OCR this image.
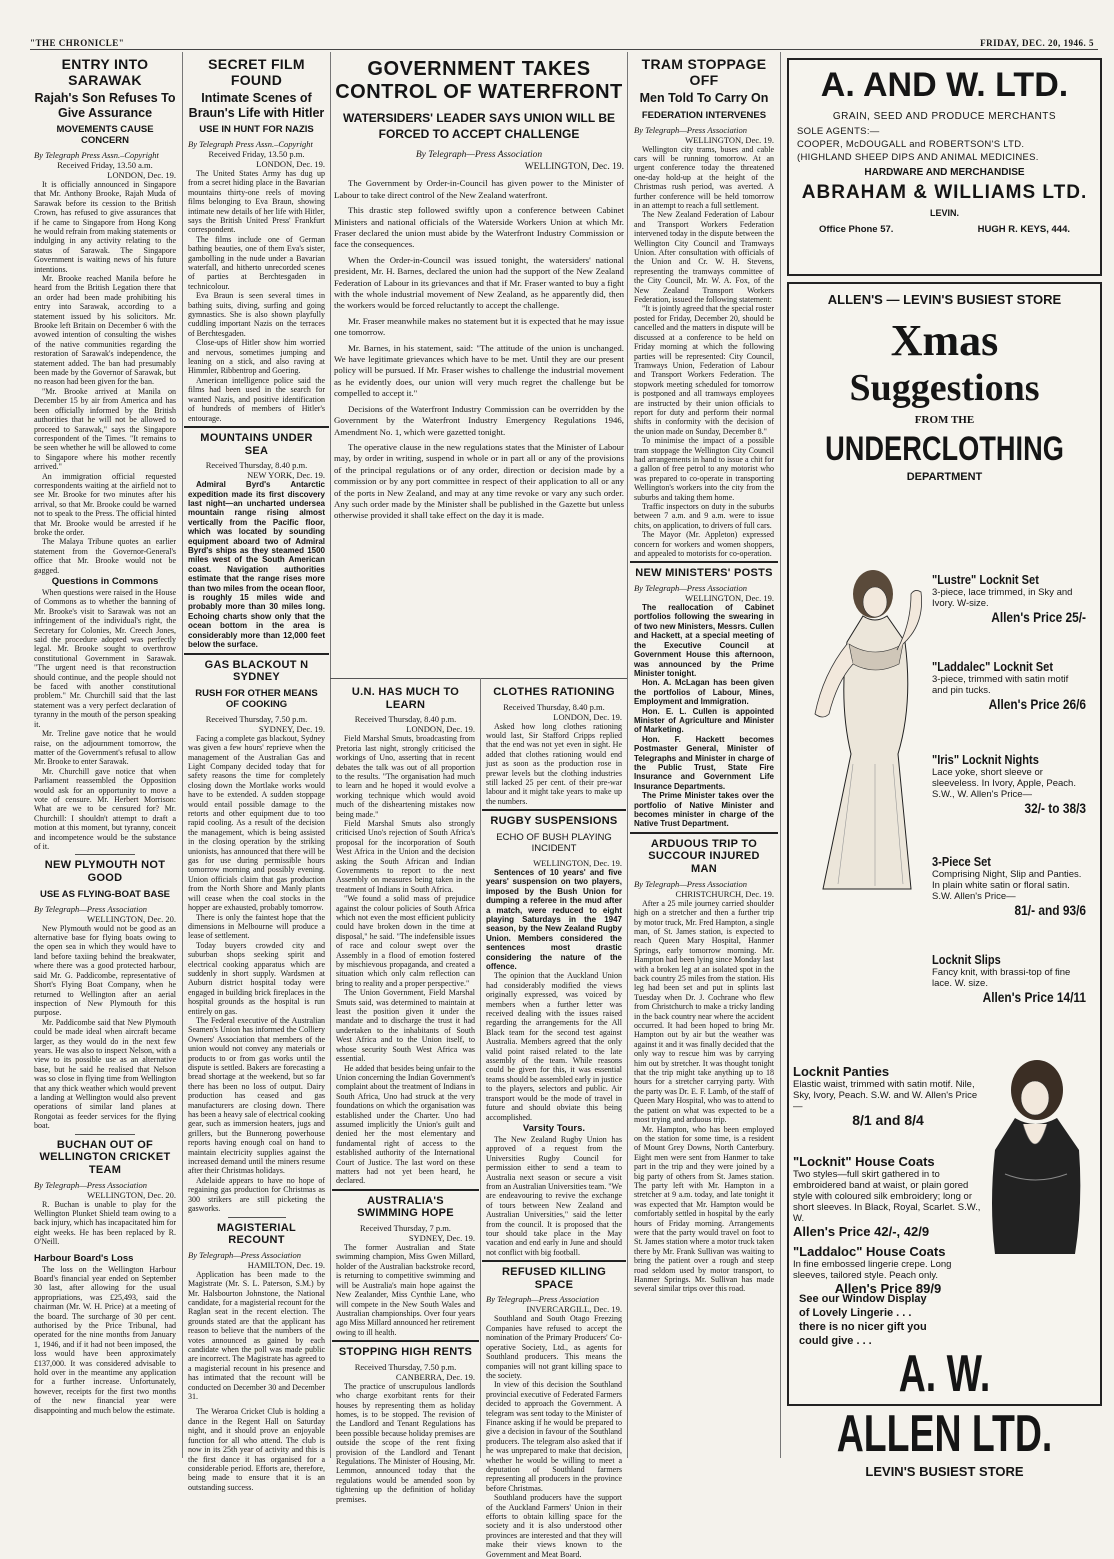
"THE CHRONICLE"	FRIDAY, DEC. 20, 1946. 5
ENTRY INTO SARAWAK
Rajah's Son Refuses To Give Assurance
MOVEMENTS CAUSE CONCERN
By Telegraph Press Assn.–Copyright
Received Friday, 13.50 a.m.
LONDON, Dec. 19.

It is officially announced in Singapore that Mr. Anthony Brooke, Rajah Muda of Sarawak before its cession to the British Crown, has refused to give assurances that if he came to Singapore from Hong Kong he would refrain from making statements or indulging in any activity relating to the status of Sarawak. The Singapore Government is waiting news of his future intentions.

Mr. Brooke reached Manila before he heard from the British Legation there that an order had been made prohibiting his entry into Sarawak, according to a statement issued by his solicitors. Mr. Brooke left Britain on December 6 with the avowed intention of consulting the wishes of the native communities regarding the restoration of Sarawak's independence, the statement added. The ban had presumably been made by the Governor of Sarawak, but no reason had been given for the ban.

"Mr. Brooke arrived at Manila on December 15 by air from America and has been officially informed by the British authorities that he will not be allowed to proceed to Sarawak," says the Singapore correspondent of the Times. "It remains to be seen whether he will be allowed to come to Singapore where his mother recently arrived."

An immigration official requested correspondents waiting at the airfield not to see Mr. Brooke for two minutes after his arrival, so that Mr. Brooke could be warned not to speak to the Press. The official hinted that Mr. Brooke would be arrested if he broke the order.

The Malaya Tribune quotes an earlier statement from the Governor-General's office that Mr. Brooke would not be gagged.

Questions in Commons

When questions were raised in the House of Commons as to whether the banning of Mr. Brooke's visit to Sarawak was not an infringement of the individual's right, the Secretary for Colonies, Mr. Creech Jones, said the procedure adopted was perfectly legal. Mr. Brooke sought to overthrow constitutional Government in Sarawak. "The urgent need is that reconstruction should continue, and the people should not be faced with another constitutional problem." Mr. Churchill said that the last statement was a very perfect declaration of tyranny in the mouth of the person speaking it.

Mr. Treline gave notice that he would raise, on the adjournment tomorrow, the matter of the Government's refusal to allow Mr. Brooke to enter Sarawak.

Mr. Churchill gave notice that when Parliament reassembled the Opposition would ask for an opportunity to move a vote of censure. Mr. Herbert Morrison: What are we to be censured for? Mr. Churchill: I shouldn't attempt to draft a motion at this moment, but tyranny, conceit and incompetence would be the substance of it.

NEW PLYMOUTH NOT GOOD
USE AS FLYING-BOAT BASE
By Telegraph—Press Association
WELLINGTON, Dec. 20.

New Plymouth would not be good as an alternative base for flying boats owing to the open sea in which they would have to land before taxiing behind the breakwater, where there was a good protected harbour, said Mr. G. Paddicombe, representative of Short's Flying Boat Company, when he returned to Wellington after an aerial inspection of New Plymouth for this purpose.

Mr. Paddicombe said that New Plymouth could be made ideal when aircraft became larger, as they would do in the next few years. He was also to inspect Nelson, with a view to its possible use as an alternative base, but he said he realised that Nelson was so close in flying time from Wellington that any thick weather which would prevent a landing at Wellington would also prevent operations of similar land planes at Rongotai as feeder services for the flying boat.

BUCHAN OUT OF WELLINGTON CRICKET TEAM
By Telegraph—Press Association
WELLINGTON, Dec. 20.

R. Buchan is unable to play for the Wellington Plunket Shield team owing to a back injury, which has incapacitated him for eight weeks. He has been replaced by R. O'Neill.

Harbour Board's Loss

The loss on the Wellington Harbour Board's financial year ended on September 30 last, after allowing for the usual appropriations, was £25,493, said the chairman (Mr. W. H. Price) at a meeting of the board. The surcharge of 30 per cent. authorised by the Price Tribunal, had operated for the nine months from January 1, 1946, and if it had not been imposed, the loss would have been approximately £137,000. It was considered advisable to hold over in the meantime any application for a further increase. Unfortunately, however, receipts for the first two months of the new financial year were disappointing and much below the estimate.

SECRET FILM FOUND
Intimate Scenes of Braun's Life with Hitler
USE IN HUNT FOR NAZIS
By Telegraph Press Assn.–Copyright
Received Friday, 13.50 p.m.
LONDON, Dec. 19.

The United States Army has dug up from a secret hiding place in the Bavarian mountains thirty-one reels of moving films belonging to Eva Braun, showing intimate new details of her life with Hitler, says the British United Press' Frankfurt correspondent.

The films include one of German bathing beauties, one of them Eva's sister, gambolling in the nude under a Bavarian waterfall, and hitherto unrecorded scenes of parties at Berchtesgaden in technicolour.

Eva Braun is seen several times in bathing suits, diving, surfing and going gymnastics. She is also shown playfully cuddling important Nazis on the terraces of Berchtesgaden.

Close-ups of Hitler show him worried and nervous, sometimes jumping and leaning on a stick, and also raving at Himmler, Ribbentrop and Goering.

American intelligence police said the films had been used in the search for wanted Nazis, and positive identification of hundreds of members of Hitler's entourage.

MOUNTAINS UNDER SEA
Received Thursday, 8.40 p.m.
NEW YORK, Dec. 19.

Admiral Byrd's Antarctic expedition made its first discovery last night—an uncharted undersea mountain range rising almost vertically from the Pacific floor, which was located by sounding equipment aboard two of Admiral Byrd's ships as they steamed 1500 miles west of the South American coast. Navigation authorities estimate that the range rises more than two miles from the ocean floor, is roughly 15 miles wide and probably more than 30 miles long. Echoing charts show only that the ocean bottom in the area is considerably more than 12,000 feet below the surface.

GAS BLACKOUT N SYDNEY
RUSH FOR OTHER MEANS OF COOKING
Received Thursday, 7.50 p.m.
SYDNEY, Dec. 19.

Facing a complete gas blackout, Sydney was given a few hours' reprieve when the management of the Australian Gas and Light Company decided today that for safety reasons the time for completely closing down the Mortlake works would have to be extended. A sudden stoppage would entail possible damage to the retorts and other equipment due to too rapid cooling. As a result of the decision the management, which is being assisted in the closing operation by the striking unionists, has announced that there will be gas for use during permissible hours tomorrow morning and possibly evening. Union officials claim that gas production from the North Shore and Manly plants will cease when the coal stocks in the hopper are exhausted, probably tomorrow.

There is only the faintest hope that the dimensions in Melbourne will produce a lease of settlement.

Today buyers crowded city and suburban shops seeking spirit and electrical cooking apparatus which are suddenly in short supply. Wardsmen at Auburn district hospital today were engaged in building brick fireplaces in the hospital grounds as the hospital is run entirely on gas.

The Federal executive of the Australian Seamen's Union has informed the Colliery Owners' Association that members of the union would not convey any materials or products to or from gas works until the dispute is settled. Bakers are forecasting a bread shortage at the weekend, but so far there has been no loss of output. Dairy production has ceased and gas manufacturers are closing down. There has been a heavy sale of electrical cooking gear, such as immersion heaters, jugs and grillers, but the Bunnerong powerhouse reports having enough coal on hand to maintain electricity supplies against the increased demand until the miners resume after their Christmas holidays.

Adelaide appears to have no hope of regaining gas production for Christmas as 300 strikers are still picketing the gasworks.

MAGISTERIAL RECOUNT
By Telegraph—Press Association
HAMILTON, Dec. 19.

Application has been made to the Magistrate (Mr. S. L. Paterson, S.M.) by Mr. Halsbourton Johnstone, the National candidate, for a magisterial recount for the Raglan seat in the recent election. The grounds stated are that the applicant has reason to believe that the numbers of the votes announced as gained by each candidate when the poll was made public are incorrect. The Magistrate has agreed to a magisterial recount in his presence and has intimated that the recount will be conducted on December 30 and December 31.

The Weraroa Cricket Club is holding a dance in the Regent Hall on Saturday night, and it should prove an enjoyable function for all who attend. The club is now in its 25th year of activity and this is the first dance it has organised for a considerable period. Efforts are, therefore, being made to ensure that it is an outstanding success.

GOVERNMENT TAKES CONTROL OF WATERFRONT
WATERSIDERS' LEADER SAYS UNION WILL BE FORCED TO ACCEPT CHALLENGE
By Telegraph—Press Association
WELLINGTON, Dec. 19.

The Government by Order-in-Council has given power to the Minister of Labour to take direct control of the New Zealand waterfront.

This drastic step followed swiftly upon a conference between Cabinet Ministers and national officials of the Waterside Workers Union at which Mr. Fraser declared the union must abide by the Waterfront Industry Commission or face the consequences.

When the Order-in-Council was issued tonight, the watersiders' national president, Mr. H. Barnes, declared the union had the support of the New Zealand Federation of Labour in its grievances and that if Mr. Fraser wanted to buy a fight with the whole industrial movement of New Zealand, as he apparently did, then the workers would be forced reluctantly to accept the challenge.

Mr. Fraser meanwhile makes no statement but it is expected that he may issue one tomorrow.

Mr. Barnes, in his statement, said: "The attitude of the union is unchanged. We have legitimate grievances which have to be met. Until they are our present policy will be pursued. If Mr. Fraser wishes to challenge the industrial movement as he evidently does, our union will very much regret the challenge but be compelled to accept it."

Decisions of the Waterfront Industry Commission can be overridden by the Government by the Waterfront Industry Emergency Regulations 1946, Amendment No. 1, which were gazetted tonight.

The operative clause in the new regulations states that the Minister of Labour may, by order in writing, suspend in whole or in part all or any of the provisions of the principal regulations or of any order, direction or decision made by a commission or by any port committee in respect of their application to all or any of the ports in New Zealand, and may at any time revoke or vary any such order. Any such order made by the Minister shall be published in the Gazette but unless otherwise provided it shall take effect on the day it is made.

U.N. HAS MUCH TO LEARN
Received Thursday, 8.40 p.m.
LONDON, Dec. 19.

Field Marshal Smuts, broadcasting from Pretoria last night, strongly criticised the workings of Uno, asserting that in recent debates the talk was out of all proportion to the results. "The organisation had much to learn and he hoped it would evolve a working technique which would avoid much of the disheartening mistakes now being made."

Field Marshal Smuts also strongly criticised Uno's rejection of South Africa's proposal for the incorporation of South West Africa in the Union and the decision asking the South African and Indian Governments to report to the next Assembly on measures being taken in the treatment of Indians in South Africa.

"We found a solid mass of prejudice against the colour policies of South Africa which not even the most efficient publicity could have broken down in the time at disposal," he said. "The indefensible issues of race and colour swept over the Assembly in a flood of emotion fostered by mischievous propaganda, and created a situation which only calm reflection can bring to reality and a proper perspective."

The Union Government, Field Marshal Smuts said, was determined to maintain at least the position given it under the mandate and to discharge the trust it had undertaken to the inhabitants of South West Africa and to the Union itself, to whose security South West Africa was essential.

He added that besides being unfair to the Union concerning the Indian Government's complaint about the treatment of Indians in South Africa, Uno had struck at the very foundations on which the organisation was established under the Charter. Uno had assumed implicitly the Union's guilt and denied her the most elementary and fundamental right of access to the established authority of the International Court of Justice. The last word on these matters had not yet been heard, he declared.

AUSTRALIA'S SWIMMING HOPE
Received Thursday, 7 p.m.
SYDNEY, Dec. 19.

The former Australian and State swimming champion, Miss Gwen Millard, holder of the Australian backstroke record, is returning to competitive swimming and will be Australia's main hope against the New Zealander, Miss Cynthie Lane, who will compete in the New South Wales and Australian championships. Over four years ago Miss Millard announced her retirement owing to ill health.

STOPPING HIGH RENTS
Received Thursday, 7.50 p.m.
CANBERRA, Dec. 19.

The practice of unscrupulous landlords who charge exorbitant rents for their houses by representing them as holiday homes, is to be stopped. The revision of the Landlord and Tenant Regulations has been possible because holiday premises are outside the scope of the rent fixing provision of the Landlord and Tenant Regulations. The Minister of Housing, Mr. Lemmon, announced today that the regulations would be amended soon by tightening up the definition of holiday premises.

CLOTHES RATIONING
Received Thursday, 8.40 p.m.
LONDON, Dec. 19.

Asked how long clothes rationing would last, Sir Stafford Cripps replied that the end was not yet even in sight. He added that clothes rationing would end just as soon as the production rose in prewar levels but the clothing industries still lacked 25 per cent. of their pre-war labour and it might take years to make up the numbers.

RUGBY SUSPENSIONS
ECHO OF BUSH PLAYING INCIDENT
WELLINGTON, Dec. 19.

Sentences of 10 years' and five years' suspension on two players, imposed by the Bush Union for dumping a referee in the mud after a match, were reduced to eight playing Saturdays in the 1947 season, by the New Zealand Rugby Union. Members considered the sentences most drastic considering the nature of the offence.

The opinion that the Auckland Union had considerably modified the views originally expressed, was voiced by members when a further letter was received dealing with the issues raised regarding the arrangements for the All Black team for the second test against Australia. Members agreed that the only valid point raised related to the late assembly of the team. While reasons could be given for this, it was essential teams should be assembled early in justice to the players, selectors and public. Air transport would be the mode of travel in future and should obviate this being accomplished.

Varsity Tours.

The New Zealand Rugby Union has approved of a request from the Universities Rugby Council for permission either to send a team to Australia next season or secure a visit from an Australian Universities team. "We are endeavouring to revive the exchange of tours between New Zealand and Australian Universities," said the letter from the council. It is proposed that the tour should take place in the May vacation and end early in June and should not conflict with big football.

REFUSED KILLING SPACE
By Telegraph—Press Association
INVERCARGILL, Dec. 19.

Southland and South Otago Freezing Companies have refused to accept the nomination of the Primary Producers' Co-operative Society, Ltd., as agents for Southland producers. This means the companies will not grant killing space to the society.

In view of this decision the Southland provincial executive of Federated Farmers decided to approach the Government. A telegram was sent today to the Minister of Finance asking if he would be prepared to give a decision in favour of the Southland producers. The telegram also asked that if he was unprepared to make that decision, whether he would be willing to meet a deputation of Southland farmers representing all producers in the province before Christmas.

Southland producers have the support of the Auckland Farmers' Union in their efforts to obtain killing space for the society and it is also understood other provinces are interested and that they will make their views known to the Government and Meat Board.

TRAM STOPPAGE OFF
Men Told To Carry On
FEDERATION INTERVENES
By Telegraph—Press Association
WELLINGTON, Dec. 19.

Wellington city trams, buses and cable cars will be running tomorrow. At an urgent conference today the threatened one-day hold-up at the height of the Christmas rush period, was averted. A further conference will be held tomorrow in an attempt to reach a full settlement.

The New Zealand Federation of Labour and Transport Workers Federation intervened today in the dispute between the Wellington City Council and Tramways Union. After consultation with officials of the Union and Cr. W. H. Stevens, representing the tramways committee of the City Council, Mr. W. A. Fox, of the New Zealand Transport Workers Federation, issued the following statement:

"It is jointly agreed that the special roster posted for Friday, December 20, should be cancelled and the matters in dispute will be discussed at a conference to be held on Friday morning at which the following parties will be represented: City Council, Tramways Union, Federation of Labour and Transport Workers Federation. The stopwork meeting scheduled for tomorrow is postponed and all tramways employees are instructed by their union officials to report for duty and perform their normal shifts in conformity with the decision of the union made on Sunday, December 8."

To minimise the impact of a possible tram stoppage the Wellington City Council had arrangements in hand to issue a chit for a gallon of free petrol to any motorist who was prepared to co-operate in transporting Wellington's workers into the city from the suburbs and taking them home.

Traffic inspectors on duty in the suburbs between 7 a.m. and 9 a.m. were to issue chits, on application, to drivers of full cars.

The Mayor (Mr. Appleton) expressed concern for workers and women shoppers, and appealed to motorists for co-operation.

NEW MINISTERS' POSTS
By Telegraph—Press Association
WELLINGTON, Dec. 19.

The reallocation of Cabinet portfolios following the swearing in of two new Ministers, Messrs. Cullen and Hackett, at a special meeting of the Executive Council at Government House this afternoon, was announced by the Prime Minister tonight.

Hon. A. McLagan has been given the portfolios of Labour, Mines, Employment and Immigration.

Hon. E. L. Cullen is appointed Minister of Agriculture and Minister of Marketing.

Hon. F. Hackett becomes Postmaster General, Minister of Telegraphs and Minister in charge of the Public Trust, State Fire Insurance and Government Life Insurance Departments.

The Prime Minister takes over the portfolio of Native Minister and becomes minister in charge of the Native Trust Department.

ARDUOUS TRIP TO SUCCOUR INJURED MAN
By Telegraph—Press Association
CHRISTCHURCH, Dec. 19.

After a 25 mile journey carried shoulder high on a stretcher and then a further trip by motor truck, Mr. Fred Hampton, a single man, of St. James station, is expected to reach Queen Mary Hospital, Hanmer Springs, early tomorrow morning. Mr. Hampton had been lying since Monday last with a broken leg at an isolated spot in the back country 25 miles from the station. His leg had been set and put in splints last Tuesday when Dr. J. Cochrane who flew from Christchurch to make a tricky landing in the back country near where the accident occurred. It had been hoped to bring Mr. Hampton out by air but the weather was against it and it was finally decided that the only way to rescue him was by carrying him out by stretcher. It was thought tonight that the trip might take anything up to 18 hours for a stretcher carrying party. With the party was Dr. E. F. Lamb, of the staff of Queen Mary Hospital, who was to attend to the patient on what was expected to be a most trying and arduous trip.

Mr. Hampton, who has been employed on the station for some time, is a resident of Mount Grey Downs, North Canterbury. Eight men were sent from Hanmer to take part in the trip and they were joined by a big party of others from St. James station. The party left with Mr. Hampton in a stretcher at 9 a.m. today, and late tonight it was expected that Mr. Hampton would be comfortably settled in hospital by the early hours of Friday morning. Arrangements were that the party would travel on foot to St. James station where a motor truck taken there by Mr. Frank Sullivan was waiting to bring the patient over a rough and steep road seldom used by motor transport, to Hanmer Springs. Mr. Sullivan has made several similar trips over this road.

A. AND W. LTD.
GRAIN, SEED AND PRODUCE MERCHANTS
SOLE AGENTS:—
COOPER, McDOUGALL and ROBERTSON'S LTD.
(HIGHLAND SHEEP DIPS AND ANIMAL MEDICINES.
HARDWARE AND MERCHANDISE
ABRAHAM & WILLIAMS LTD.
LEVIN.
Office Phone 57.	HUGH R. KEYS, 444.
ALLEN'S — LEVIN'S BUSIEST STORE
Xmas
Suggestions
FROM THE
UNDERCLOTHING
DEPARTMENT
"Lustre" Locknit Set

3-piece, lace trimmed, in Sky and Ivory. W-size.

Allen's Price 25/-
"Laddalec" Locknit Set

3-piece, trimmed with satin motif and pin tucks.

Allen's Price 26/6
"Iris" Locknit Nights

Lace yoke, short sleeve or sleeveless. In Ivory, Apple, Peach. S.W., W. Allen's Price—

32/- to 38/3
3-Piece Set

Comprising Night, Slip and Panties. In plain white satin or floral satin. S.W. Allen's Price—

81/- and 93/6
Locknit Slips

Fancy knit, with brassi-top of fine lace. W. size.

Allen's Price 14/11
Locknit Panties

Elastic waist, trimmed with satin motif. Nile, Sky, Ivory, Peach. S.W. and W. Allen's Price—

8/1 and 8/4
"Locknit" House Coats

Two styles—full skirt gathered in to embroidered band at waist, or plain gored style with coloured silk embroidery; long or short sleeves. In Black, Royal, Scarlet. S.W., W.

Allen's Price 42/-, 42/9
"Laddaloc" House Coats

In fine embossed lingerie crepe. Long sleeves, tailored style. Peach only.

Allen's Price 89/9
See our Window Display
of Lovely Lingerie . . .
there is no nicer gift you
could give . . .
A. W. ALLEN LTD.
LEVIN'S BUSIEST STORE
